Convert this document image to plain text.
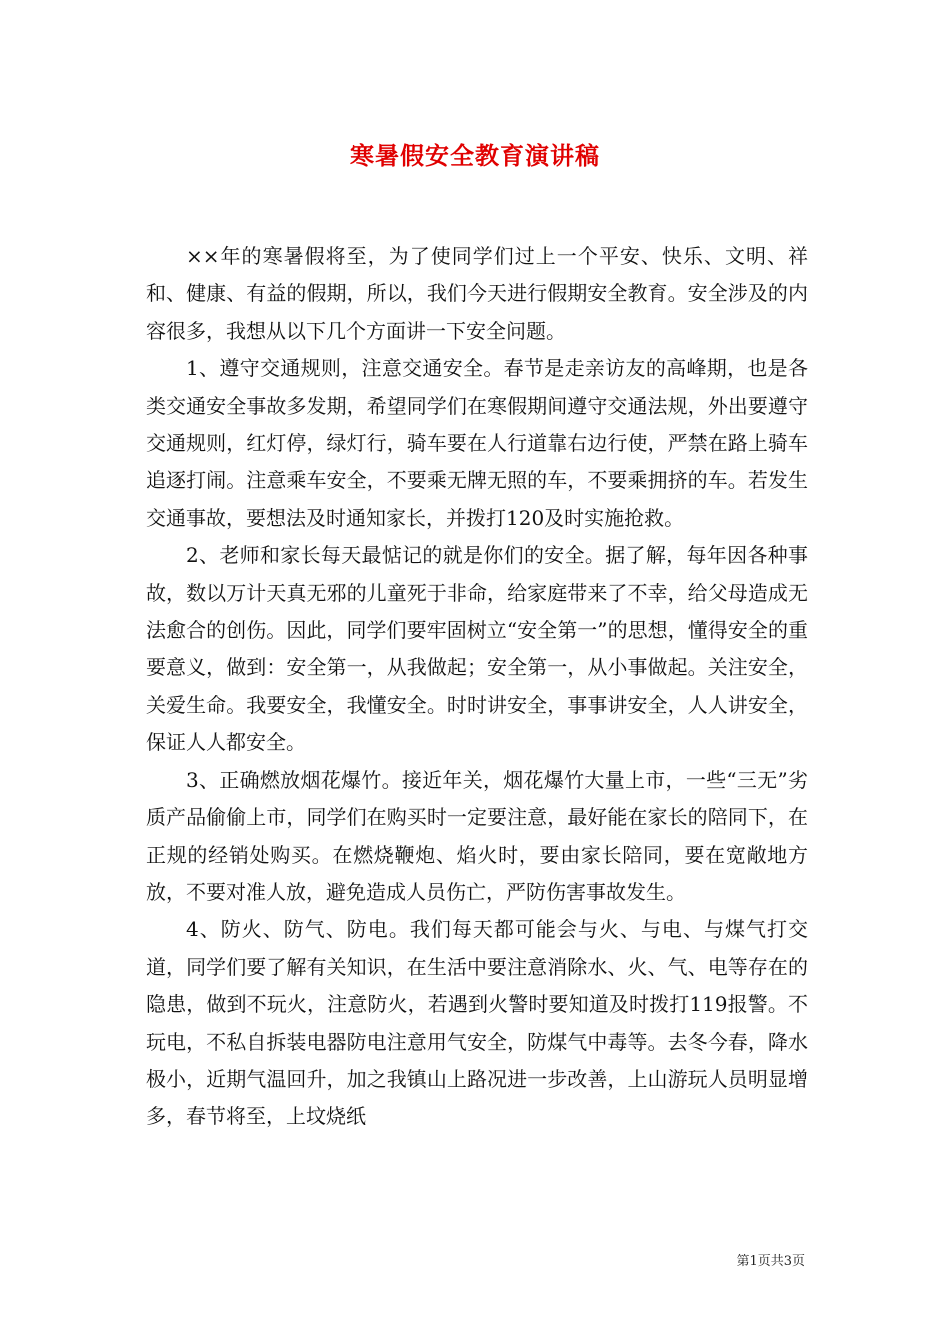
寒暑假安全教育演讲稿

××年的寒暑假将至，为了使同学们过上一个平安、快乐、文明、祥和、健康、有益的假期，所以，我们今天进行假期安全教育。安全涉及的内容很多，我想从以下几个方面讲一下安全问题。

1、遵守交通规则，注意交通安全。春节是走亲访友的高峰期，也是各类交通安全事故多发期，希望同学们在寒假期间遵守交通法规，外出要遵守交通规则，红灯停，绿灯行，骑车要在人行道靠右边行使，严禁在路上骑车追逐打闹。注意乘车安全，不要乘无牌无照的车，不要乘拥挤的车。若发生交通事故，要想法及时通知家长，并拨打120及时实施抢救。

2、老师和家长每天最惦记的就是你们的安全。据了解，每年因各种事故，数以万计天真无邪的儿童死于非命，给家庭带来了不幸，给父母造成无法愈合的创伤。因此，同学们要牢固树立“安全第一”的思想，懂得安全的重要意义，做到：安全第一，从我做起；安全第一，从小事做起。关注安全，关爱生命。我要安全，我懂安全。时时讲安全，事事讲安全，人人讲安全，保证人人都安全。

3、正确燃放烟花爆竹。接近年关，烟花爆竹大量上市，一些“三无”劣质产品偷偷上市，同学们在购买时一定要注意，最好能在家长的陪同下，在正规的经销处购买。在燃烧鞭炮、焰火时，要由家长陪同，要在宽敞地方放，不要对准人放，避免造成人员伤亡，严防伤害事故发生。

4、防火、防气、防电。我们每天都可能会与火、与电、与煤气打交道，同学们要了解有关知识，在生活中要注意消除水、火、气、电等存在的隐患，做到不玩火，注意防火，若遇到火警时要知道及时拨打119报警。不玩电，不私自拆装电器防电注意用气安全，防煤气中毒等。去冬今春，降水极小，近期气温回升，加之我镇山上路况进一步改善，上山游玩人员明显增多，春节将至，上坟烧纸

第1页共3页
